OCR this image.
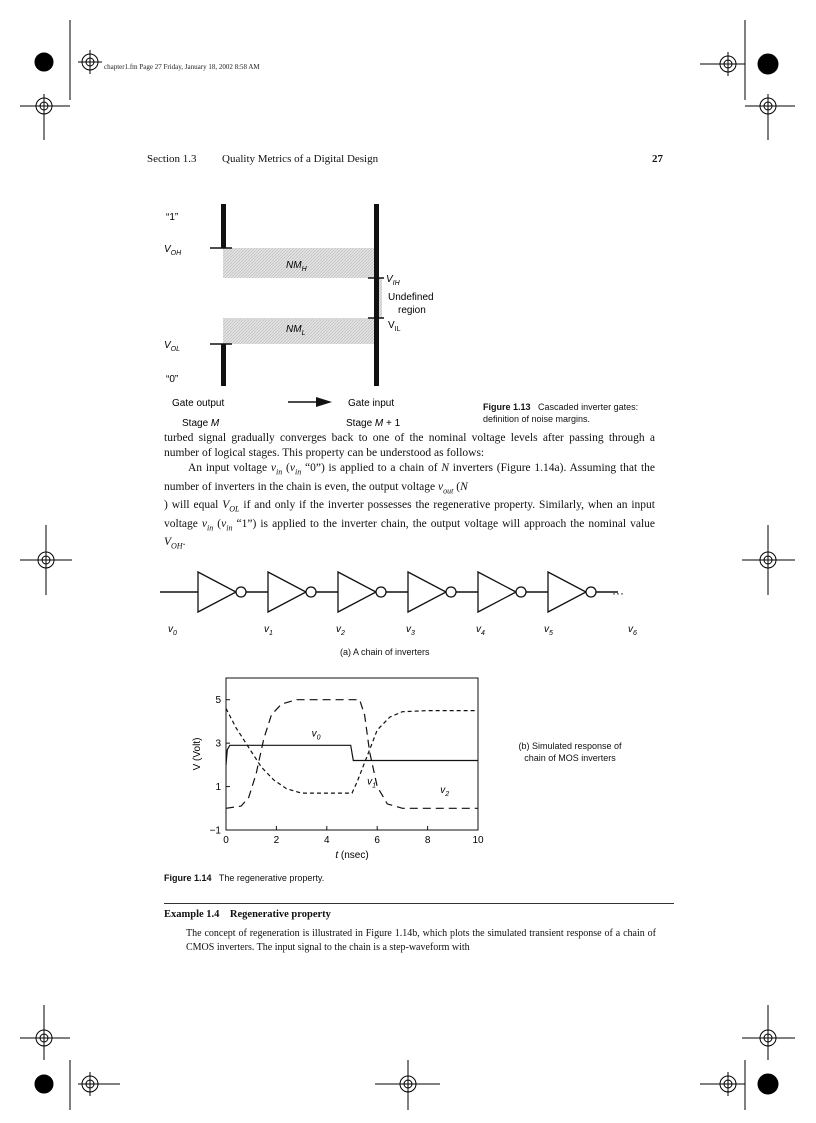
chapter1.fm Page 27 Friday, January 18, 2002 8:58 AM
Section 1.3 Quality Metrics of a Digital Design	27
“1”
$V_{OH}$
$NM_H$
$V_{IH}$
Undefined
region
$V_{IL}$
$NM_L$
$V_{OL}$
“0”
Gate output
Stage M
Gate input
Stage M + 1
Figure 1.13 Cascaded inverter gates:
definition of noise margins.

turbed signal gradually converges back to one of the nominal voltage levels after passing through a number of logical stages. This property can be understood as follows:

An input voltage $v_{in}$ ($v_{in}$ “0”) is applied to a chain of N inverters (Figure 1.14a). Assuming that the number of inverters in the chain is even, the output voltage $v_{out}$ (N

) will equal $V_{OL}$ if and only if the inverter possesses the regenerative property. Similarly, when an input voltage $v_{in}$ ($v_{in}$ “1”) is applied to the inverter chain, the output voltage will approach the nominal value $V_{OH}$.

···
$v_0$	$v_1$	$v_2$	$v_3$	$v_4$	$v_5$	$v_6$
(a) A chain of inverters
0	2	4	6	8	10
−1
1
3
5
t (nsec)
V (Volt)
$v_0$
$v_1$	$v_2$
(b) Simulated response of
chain of MOS inverters
Figure 1.14 The regenerative property.
Example 1.4 Regenerative property
The concept of regeneration is illustrated in Figure 1.14b, which plots the simulated transient response of a chain of CMOS inverters. The input signal to the chain is a step-waveform with
